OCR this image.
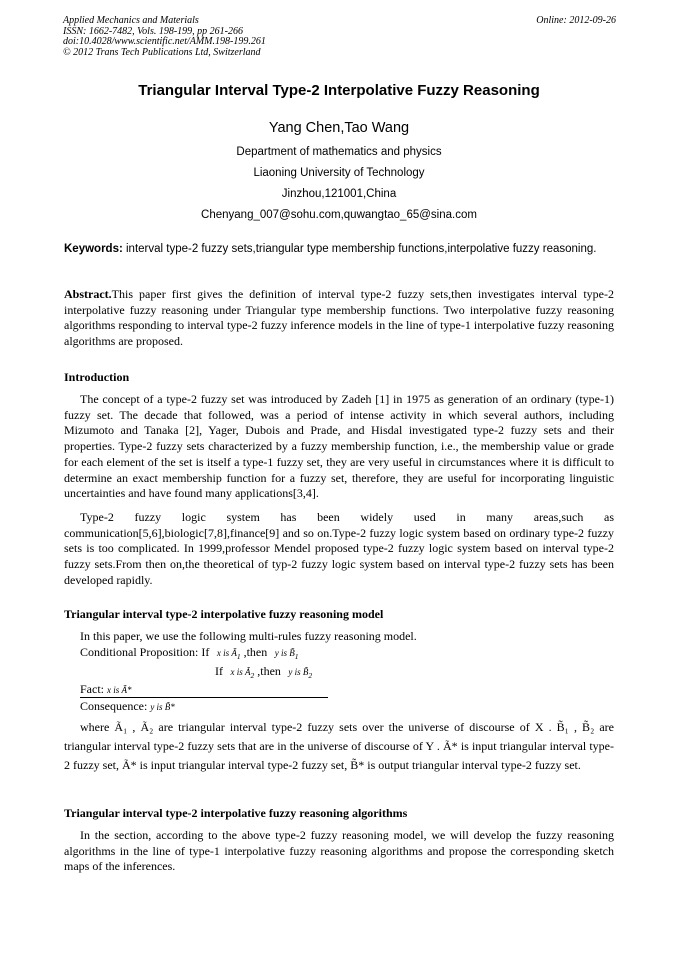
Applied Mechanics and Materials
ISSN: 1662-7482, Vols. 198-199, pp 261-266
doi:10.4028/www.scientific.net/AMM.198-199.261
© 2012 Trans Tech Publications Ltd, Switzerland
Online: 2012-09-26
Triangular Interval Type-2 Interpolative Fuzzy Reasoning
Yang Chen,Tao Wang
Department of mathematics and physics
Liaoning University of Technology
Jinzhou,121001,China
Chenyang_007@sohu.com,quwangtao_65@sina.com
Keywords: interval type-2 fuzzy sets,triangular type membership functions,interpolative fuzzy reasoning.
Abstract.This paper first gives the definition of interval type-2 fuzzy sets,then investigates interval type-2 interpolative fuzzy reasoning under Triangular type membership functions. Two interpolative fuzzy reasoning algorithms responding to interval type-2 fuzzy inference models in the line of type-1 interpolative fuzzy reasoning algorithms are proposed.
Introduction
The concept of a type-2 fuzzy set was introduced by Zadeh [1] in 1975 as generation of an ordinary (type-1) fuzzy set. The decade that followed, was a period of intense activity in which several authors, including Mizumoto and Tanaka [2], Yager, Dubois and Prade, and Hisdal investigated type-2 fuzzy sets and their properties. Type-2 fuzzy sets characterized by a fuzzy membership function, i.e., the membership value or grade for each element of the set is itself a type-1 fuzzy set, they are very useful in circumstances where it is difficult to determine an exact membership function for a fuzzy set, therefore, they are useful for incorporating linguistic uncertainties and have found many applications[3,4].
Type-2 fuzzy logic system has been widely used in many areas,such as communication[5,6],biologic[7,8],finance[9] and so on.Type-2 fuzzy logic system based on ordinary type-2 fuzzy sets is too complicated. In 1999,professor Mendel proposed type-2 fuzzy logic system based on interval type-2 fuzzy sets.From then on,the theoretical of typ-2 fuzzy logic system based on interval type-2 fuzzy sets has been developed rapidly.
Triangular interval type-2 interpolative fuzzy reasoning model
In this paper, we use the following multi-rules fuzzy reasoning model.
Conditional Proposition: If x is $Ã_1$ ,then y is $B̃_1$
If x is $Ã_2$ ,then y is $B̃_2$
Fact: x is Ã*
Consequence: y is B̃*
where Ã₁ , Ã₂ are triangular interval type-2 fuzzy sets over the universe of discourse of X . B̃₁ , B̃₂ are triangular interval type-2 fuzzy sets that are in the universe of discourse of Y . Ã* is input triangular interval type-2 fuzzy set, Ã* is input triangular interval type-2 fuzzy set, B̃* is output triangular interval type-2 fuzzy set.
Triangular interval type-2 interpolative fuzzy reasoning algorithms
In the section, according to the above type-2 fuzzy reasoning model, we will develop the fuzzy reasoning algorithms in the line of type-1 interpolative fuzzy reasoning algorithms and propose the corresponding sketch maps of the inferences.
